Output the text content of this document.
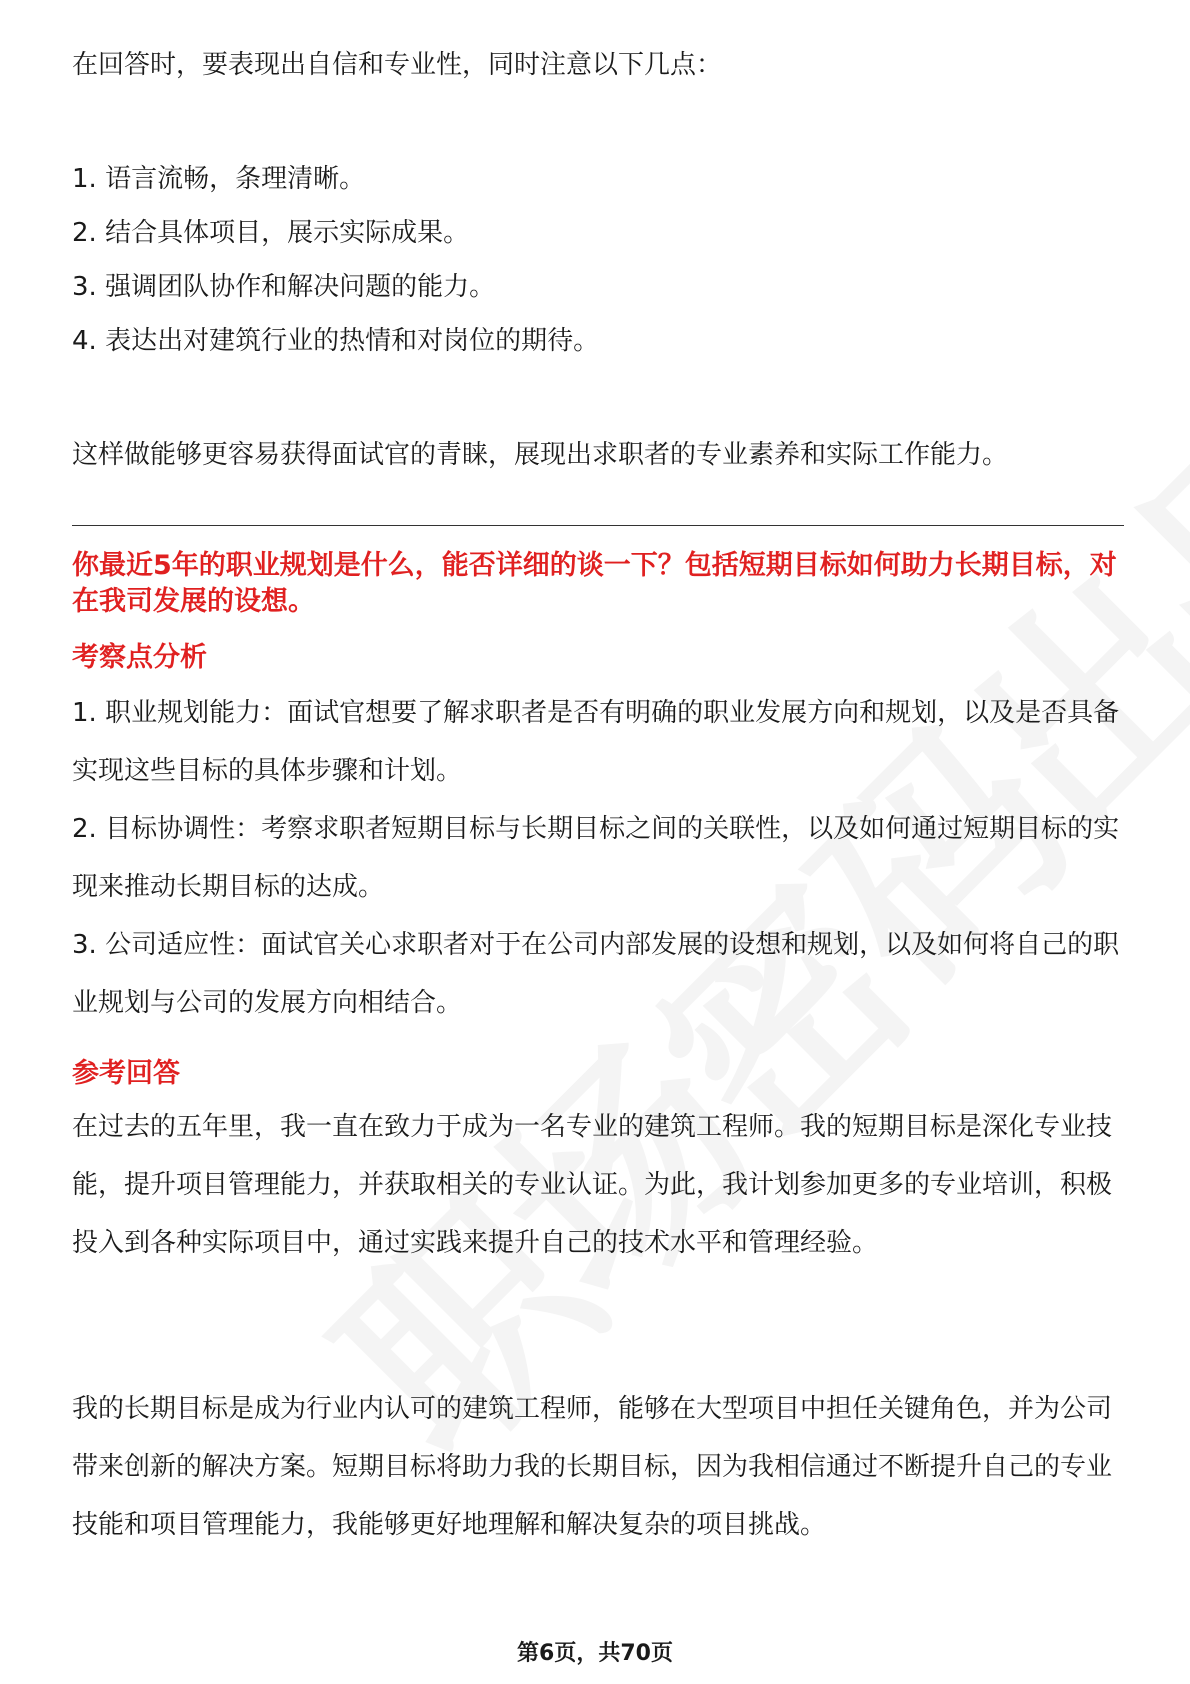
在回答时，要表现出自信和专业性，同时注意以下几点：

1. 语言流畅，条理清晰。

2. 结合具体项目，展示实际成果。

3. 强调团队协作和解决问题的能力。

4. 表达出对建筑行业的热情和对岗位的期待。

这样做能够更容易获得面试官的青睐，展现出求职者的专业素养和实际工作能力。

你最近5年的职业规划是什么，能否详细的谈一下？包括短期目标如何助力长期目标，对在我司发展的设想。

考察点分析

1. 职业规划能力：面试官想要了解求职者是否有明确的职业发展方向和规划，以及是否具备实现这些目标的具体步骤和计划。

2. 目标协调性：考察求职者短期目标与长期目标之间的关联性，以及如何通过短期目标的实现来推动长期目标的达成。

3. 公司适应性：面试官关心求职者对于在公司内部发展的设想和规划，以及如何将自己的职业规划与公司的发展方向相结合。

参考回答

在过去的五年里，我一直在致力于成为一名专业的建筑工程师。我的短期目标是深化专业技能，提升项目管理能力，并获取相关的专业认证。为此，我计划参加更多的专业培训，积极投入到各种实际项目中，通过实践来提升自己的技术水平和管理经验。

我的长期目标是成为行业内认可的建筑工程师，能够在大型项目中担任关键角色，并为公司带来创新的解决方案。短期目标将助力我的长期目标，因为我相信通过不断提升自己的专业技能和项目管理能力，我能够更好地理解和解决复杂的项目挑战。

第6页，共70页
